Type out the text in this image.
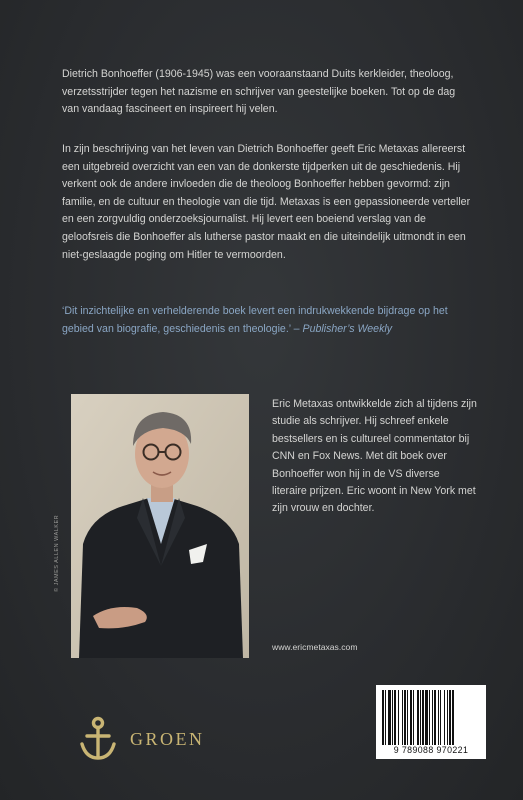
Dietrich Bonhoeffer (1906-1945) was een vooraanstaand Duits kerkleider, theoloog, verzetsstrijder tegen het nazisme en schrijver van geestelijke boeken. Tot op de dag van vandaag fascineert en inspireert hij velen.

In zijn beschrijving van het leven van Dietrich Bonhoeffer geeft Eric Metaxas allereerst een uitgebreid overzicht van een van de donkerste tijdperken uit de geschiedenis. Hij verkent ook de andere invloeden die de theoloog Bonhoeffer hebben gevormd: zijn familie, en de cultuur en theologie van die tijd. Metaxas is een gepassioneerde verteller en een zorgvuldig onderzoeksjournalist. Hij levert een boeiend verslag van de geloofsreis die Bonhoeffer als lutherse pastor maakt en die uiteindelijk uitmondt in een niet-geslaagde poging om Hitler te vermoorden.

‘Dit inzichtelijke en verhelderende boek levert een indrukwekkende bijdrage op het gebied van biografie, geschiedenis en theologie.’ – Publisher’s Weekly

© JAMES ALLEN WALKER

Eric Metaxas ontwikkelde zich al tijdens zijn studie als schrijver. Hij schreef enkele bestsellers en is cultureel commentator bij CNN en Fox News. Met dit boek over Bonhoeffer won hij in de VS diverse literaire prijzen. Eric woont in New York met zijn vrouw en dochter.

www.ericmetaxas.com
GROEN
9 789088 970221
